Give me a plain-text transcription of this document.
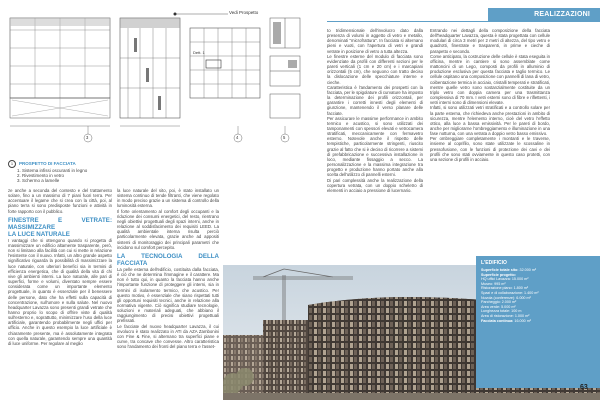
REALIZZAZIONI
Vedi Prospetto
Dett. 1
3	4	5
1 PROSPETTO DI FACCIATA
1. Sistema infissi oscuranti in legno
2. Rivestimento in vetro
3. Schermo a lamelle

ze anche a seconda del contesto e del trattamento solare, fino a un massimo di 7 piani fuori terra. Per accentuare il legame che si crea con la città, poi, al piano terra si sono predisposte funzioni e attività in forte rapporto con il pubblico.

FINESTRE E VETRATE: MASSIMIZZARE
LA LUCE NATURALE

I vantaggi che si ottengono quando si progetta di massimizzare un edificio altamente trasparente, però, non si limitano alla facilità con cui si mette in relazione l'esistente con il nuovo. Infatti, un altro grande aspetto significativo riguarda la possibilità di massimizzare la luce naturale, con ulteriori benefici sia in termini di efficienza energetica, che di qualità della vita di chi vive gli ambienti interni. La luce naturale, alle pari di superfici, forme e volumi, diventato sempre essere considerata come un importante elemento progettuale, in quanto è essenziale per il benessere delle persone, dato che ha effetti sulla capacità di concentrazione, sull'umore e sulla salute. Nel nuovo headquarter Lavazza sono presenti grandi vetrate che hanno proprio lo scopo di offrire viste di qualità sull'esterno e, soprattutto, minimizzare l'uso della luce artificiale, garantendo probabilmente negli uffici per ufficio. Anche in questo esempio la luce artificiale è chiaramente presente, ma è assolutamente integrata con quella naturale, garantendo sempre una quantità di luce uniforme. Per regolare al meglio

la luce naturale del sito, poi, è stato installato un sistema continuo di tende filtranti, che viene regolato in modo preciso grazie a un sistema di controllo della luminosità esterna.

Il forte orientamento al comfort degli occupanti e la riduzione dei consumi energetici, del resto, rientrano negli obiettivi progettuali degli spazi interni, anche in relazione al soddisfacimento dei requisiti LEED. La qualità ambientale interna risulta perciò particolarmente elevata, grazie anche ad appositi sistemi di monitoraggio dei principali parametri che incidono sul comfort percepito.

LA TECNOLOGIA DELLA FACCIATA

La pelle esterna dell'edificio, costituita dalla facciata, è ciò che ne determina l'immagine e il carattere. Ma non è tutto qui, in quanto la facciata hanno anche l'importante funzione di proteggere gli interni, sia in termini di isolamento termico, che acustico. Per questo motivo, è essenziale che siano rispettati tutti gli opportuni requisiti tecnici, anche in relazione alla normativa vigente. Ciò significa studiare tecnologie, soluzioni e materiali adeguati, che abbiano il raggiungimento di precisi obiettivi progettuali prefissati.

Le facciate del nuovo headquarter Lavazza, il cui involucro è stato realizzato in ATI da AZA Zambonini con Fine & Fine, si alternano tra superfici piane e curve, tra concave che convesse. Altro caratteristica sono l'andamento dei fronti del piano terra e l'asset-

to tridimensionale dell'involucro dato dalla presenza di volumi in aggetto di vetro e metallo, denominati "microfrattura". In facciata si alternano pieni e vuoti, con l'apertura di vetri e grandi vetrate in posizione di vetro a tutta altezza.

Le finestre esterne del modulo di facciata sono evidenziate da profili con differenti sezioni per le pareti verticali (1 cm e 20 cm) e i marcapiani orizzontali (5 cm), che seguono con tratto deciso la dislocazione delle specchiature interne e cieche.

Caratteristica è l'andamento dei prospetti con la facciata, per le spigolature di curvature ha imposto la determinazione dei profili orizzontali, per garantire i corretti innesti degli elementi di giunzione, mantenendo il verso planare delle facciate.

Per assicurare le massime performance in ambito termico e acustico, si sono utilizzati dei tamponamenti con spessori elevati e vetrocamera stratificati, meccanicamente con fermavetro esterno. Notevole anche il rispetto delle tempistiche, particolarmente stringenti, riuscito grazie al fatto che si è deciso di ricorrere a sistemi di prefabbricazione e successiva installazione in loco, mediante fissaggio a secco. La personalizzazione e la massima integrazione tra progetto e produzione hanno portato anche alla scelta dell'utilizzo di pannelli esterni.

Di pari complessità anche la realizzazione della copertura vetrata, con un doppio scheletro di elementi in acciaio a pressione di lucernario.

Entrando nei dettagli della composizione della facciata dell'headquarter Lavazza, questa è stata progettata con cellule modulari di circa 3 metri per 2 metri di altezza, del tipo vetro e quadrotti, finestrate e trasparenti, in prime e cieche di parapetto e secondo.

Come anticipato, la costruzione delle cellule è stata eseguita in officina, mentre in cantiere si sono assemblate come mattoncini di un Lego, composti da profili in alluminio di produzione esclusiva per questa facciata e taglio termico. Le cellule ospitano una composizione con pannelli di lana di vetro, coibentazione termica in acciaio, cristalli temperati e stratificati, mentre quelle vetro sono sostanzialmente costituite da un triplo vetro con doppia camera per una trasmittanza complessiva di 70 mm. I vetri esterni sono di fibre e riflettenti, i vetri interni sono di dimensioni elevate.

Infatti, si sono utilizzati vetri stratificati e a controllo solare per la parte esterna, che richiedeva anche prestazioni in ambito di sicurezza, mentre l'elemento interno, cioè del vetro l'effetto ottico, alla luce a bassa emissività. Per le pareti di bordo, anche per migliorarne l'ombreggiamento e illuminazione in una fase notturna, con una vetrata a doppio vetro basso emissivo.

Per ombreggiare completamente i montanti e le traverse, insieme al coprifilo, sono state utilizzate le scossaline in pressofusione, con le funzioni di protezione dei cavi e dei profili che sono stati ovviamente in questo caso protetti, con una sezione di profili in acciaio.

L'EDIFICIO
Superficie totale sito: 32.000 m²
Superficie progetto:
HQ uffici Lavazza: 15.000 m²
Museo: 995 m²
Ristorazione piano: 1.800 m²
Spazi e di collaborazione: 1.400 m²
Nuvola (conferenze): 6.000 m²
Parcheggio: 2.000 m²
Area verde: 5.000 m²
Lunghezza totale: 100 m
Area di ristorazione: 1.000 m²
Facciata continua: 16.000 m²
63
